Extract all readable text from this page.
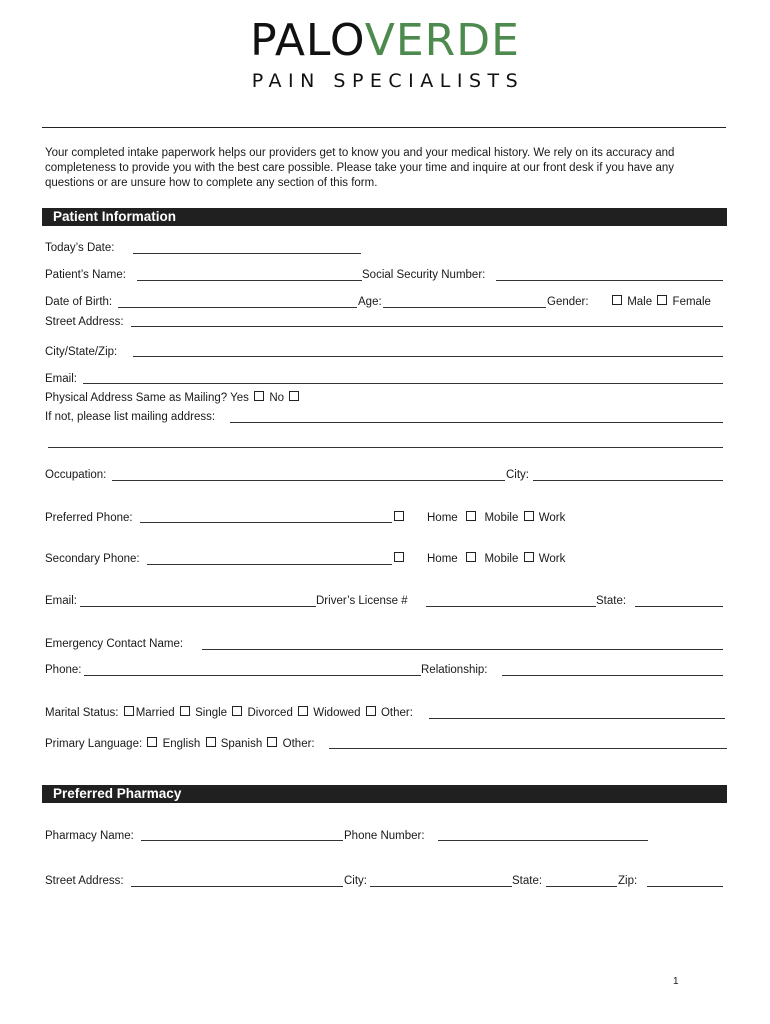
PALOVERDE
PAIN SPECIALISTS
Your completed intake paperwork helps our providers get to know you and your medical history. We rely on its accuracy and completeness to provide you with the best care possible. Please take your time and inquire at our front desk if you have any questions or are unsure how to complete any section of this form.
Patient Information
Today’s Date:
Patient’s Name:	Social Security Number:
Date of Birth:	Age:	Gender:	Male Female
Street Address:
City/State/Zip:
Email:
Physical Address Same as Mailing? Yes No
If not, please list mailing address:
Occupation:	City:
Preferred Phone:	Home Mobile Work
Secondary Phone:	Home Mobile Work
Email:	Driver’s License #	State:
Emergency Contact Name:
Phone:	Relationship:
Marital Status: Married Single Divorced Widowed Other:
Primary Language: English Spanish Other:
Preferred Pharmacy
Pharmacy Name:	Phone Number:
Street Address:	City:	State:	Zip:
1
